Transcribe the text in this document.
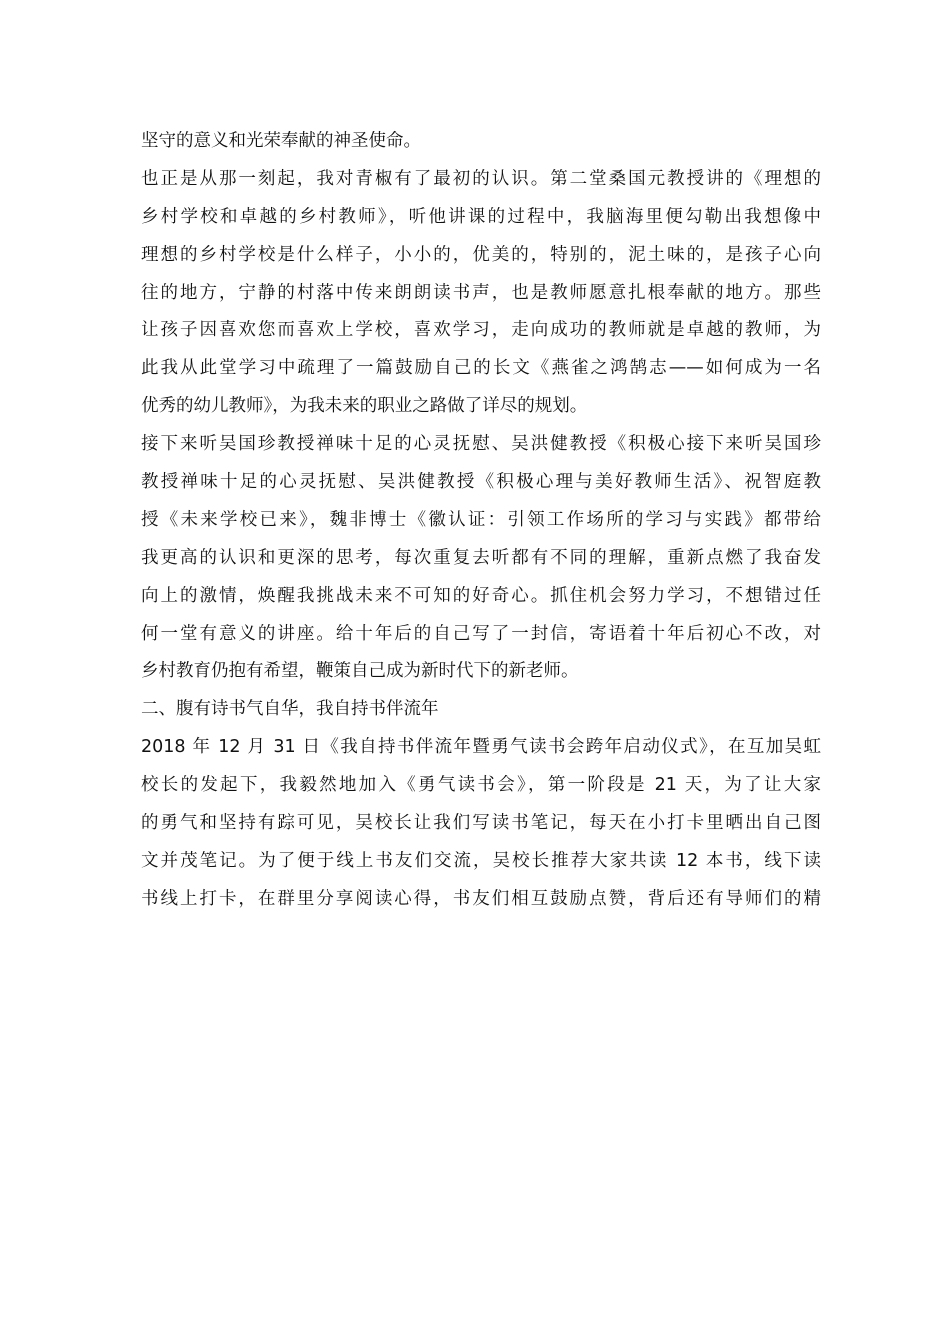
坚守的意义和光荣奉献的神圣使命。
也正是从那一刻起，我对青椒有了最初的认识。第二堂桑国元教授讲的《理想的
乡村学校和卓越的乡村教师》，听他讲课的过程中，我脑海里便勾勒出我想像中
理想的乡村学校是什么样子，小小的，优美的，特别的，泥土味的，是孩子心向
往的地方，宁静的村落中传来朗朗读书声，也是教师愿意扎根奉献的地方。那些
让孩子因喜欢您而喜欢上学校，喜欢学习，走向成功的教师就是卓越的教师，为
此我从此堂学习中疏理了一篇鼓励自己的长文《燕雀之鸿鹄志——如何成为一名
优秀的幼儿教师》，为我未来的职业之路做了详尽的规划。
接下来听吴国珍教授禅味十足的心灵抚慰、吴洪健教授《积极心接下来听吴国珍
教授禅味十足的心灵抚慰、吴洪健教授《积极心理与美好教师生活》、祝智庭教
授《未来学校已来》，魏非博士《徽认证：引领工作场所的学习与实践》都带给
我更高的认识和更深的思考，每次重复去听都有不同的理解，重新点燃了我奋发
向上的激情，焕醒我挑战未来不可知的好奇心。抓住机会努力学习，不想错过任
何一堂有意义的讲座。给十年后的自己写了一封信，寄语着十年后初心不改，对
乡村教育仍抱有希望，鞭策自己成为新时代下的新老师。
二、腹有诗书气自华，我自持书伴流年
2018 年 12 月 31 日《我自持书伴流年暨勇气读书会跨年启动仪式》，在互加吴虹
校长的发起下，我毅然地加入《勇气读书会》，第一阶段是 21 天，为了让大家
的勇气和坚持有踪可见，吴校长让我们写读书笔记，每天在小打卡里晒出自己图
文并茂笔记。为了便于线上书友们交流，吴校长推荐大家共读 12 本书，线下读
书线上打卡，在群里分享阅读心得，书友们相互鼓励点赞，背后还有导师们的精
